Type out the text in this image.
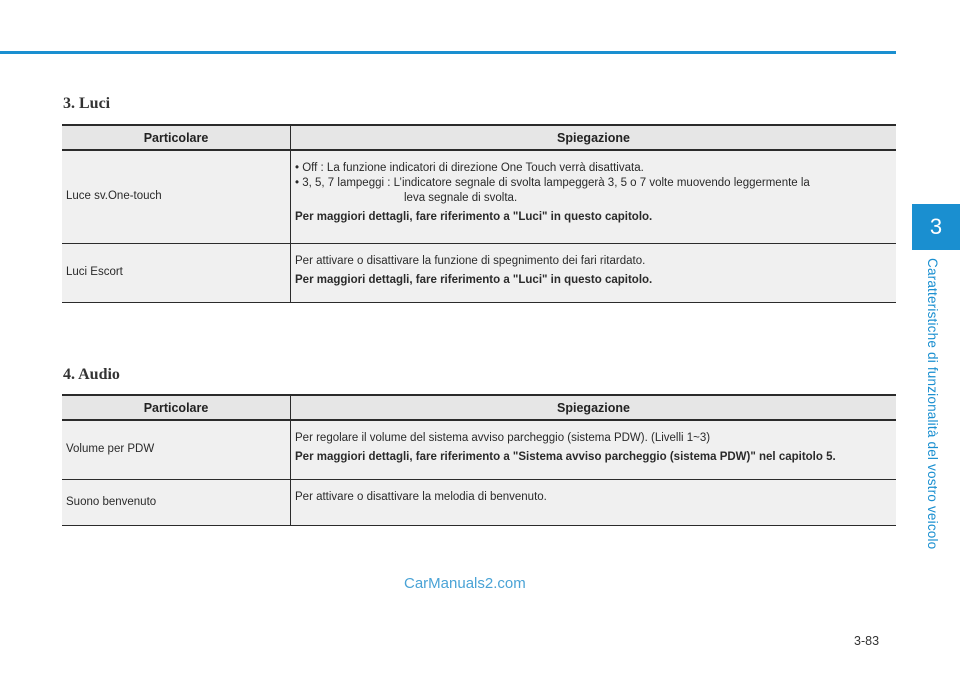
3
Caratteristiche di funzionalità del vostro veicolo
3. Luci
Particolare	Spiegazione
Luce sv.One-touch	• Off : La funzione indicatori di direzione One Touch verrà disattivata.
• 3, 5, 7 lampeggi : L’indicatore segnale di svolta lampeggerà 3, 5 o 7 volte muovendo leggermente la
leva segnale di svolta.
Per maggiori dettagli, fare riferimento a "Luci" in questo capitolo.

Luci Escort	Per attivare o disattivare la funzione di spegnimento dei fari ritardato.
Per maggiori dettagli, fare riferimento a "Luci" in questo capitolo.
4. Audio
Particolare	Spiegazione
Volume per PDW	Per regolare il volume del sistema avviso parcheggio (sistema PDW). (Livelli 1~3)
Per maggiori dettagli, fare riferimento a "Sistema avviso parcheggio (sistema PDW)" nel capitolo 5.

Suono benvenuto	Per attivare o disattivare la melodia di benvenuto.
CarManuals2.com
3-83
